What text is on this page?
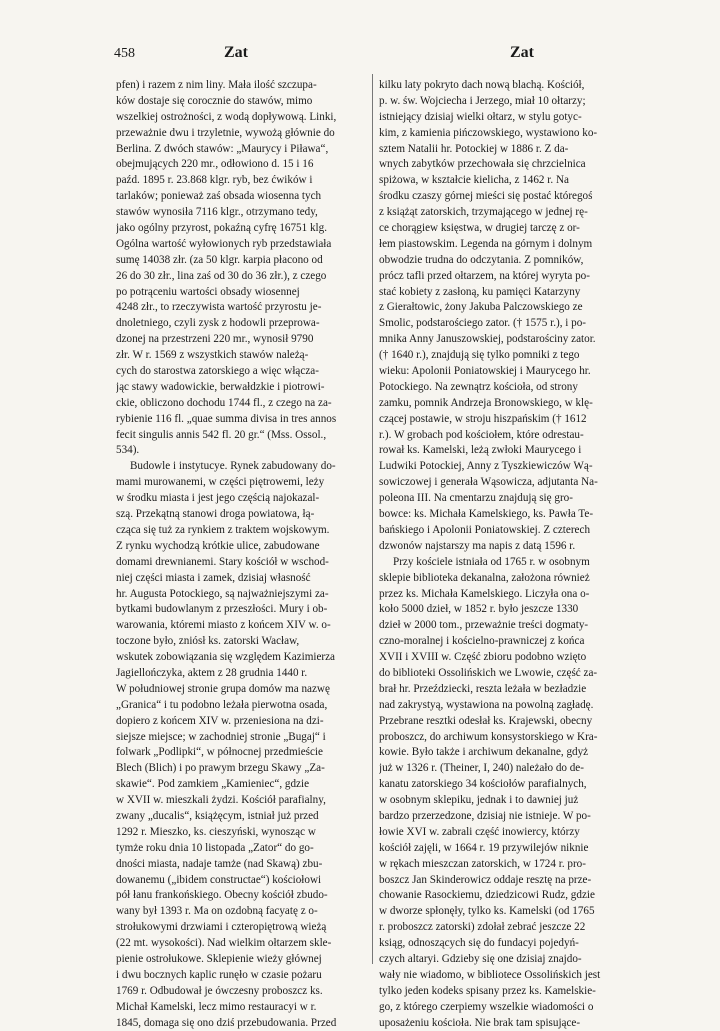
458	Zat	Zat
pfen) i razem z nim liny. Mała ilość szczupa-
ków dostaje się corocznie do stawów, mimo
wszelkiej ostrożności, z wodą dopływową. Linki,
przeważnie dwu i trzyletnie, wywożą głównie do
Berlina. Z dwóch stawów: „Maurycy i Piława“,
obejmujących 220 mr., odłowiono d. 15 i 16
paźd. 1895 r. 23.868 klgr. ryb, bez ćwików i
tarlaków; ponieważ zaś obsada wiosenna tych
stawów wynosiła 7116 klgr., otrzymano tedy,
jako ogólny przyrost, pokaźną cyfrę 16751 klg.
Ogólna wartość wyłowionych ryb przedstawiała
sumę 14038 złr. (za 50 klgr. karpia płacono od
26 do 30 złr., lina zaś od 30 do 36 złr.), z czego
po potrąceniu wartości obsady wiosennej
4248 złr., to rzeczywista wartość przyrostu je-
dnoletniego, czyli zysk z hodowli przeprowa-
dzonej na przestrzeni 220 mr., wynosił 9790
złr. W r. 1569 z wszystkich stawów należą-
cych do starostwa zatorskiego a więc włącza-
jąc stawy wadowickie, berwałdzkie i piotrowi-
ckie, obliczono dochodu 1744 fl., z czego na za-
rybienie 116 fl. „quae summa divisa in tres annos
fecit singulis annis 542 fl. 20 gr.“ (Mss. Ossol.,
534).
Budowle i instytucye. Rynek zabudowany do-
mami murowanemi, w części piętrowemi, leży
w środku miasta i jest jego częścią najokazal-
szą. Przekątną stanowi droga powiatowa, łą-
cząca się tuż za rynkiem z traktem wojskowym.
Z rynku wychodzą krótkie ulice, zabudowane
domami drewnianemi. Stary kościół w wschod-
niej części miasta i zamek, dzisiaj własność
hr. Augusta Potockiego, są najważniejszymi za-
bytkami budowlanym z przeszłości. Mury i ob-
warowania, któremi miasto z końcem XIV w. o-
toczone było, zniósł ks. zatorski Wacław,
wskutek zobowiązania się względem Kazimierza
Jagiellończyka, aktem z 28 grudnia 1440 r.
W południowej stronie grupa domów ma nazwę
„Granica“ i tu podobno leżała pierwotna osada,
dopiero z końcem XIV w. przeniesiona na dzi-
siejsze miejsce; w zachodniej stronie „Bugaj“ i
folwark „Podlipki“, w północnej przedmieście
Blech (Blich) i po prawym brzegu Skawy „Za-
skawie“. Pod zamkiem „Kamieniec“, gdzie
w XVII w. mieszkali żydzi. Kościół parafialny,
zwany „ducalis“, książęcym, istniał już przed
1292 r. Mieszko, ks. cieszyński, wynosząc w
tymże roku dnia 10 listopada „Zator“ do go-
dności miasta, nadaje tamże (nad Skawą) zbu-
dowanemu („ibidem constructae“) kościołowi
pół łanu frankońskiego. Obecny kościół zbudo-
wany był 1393 r. Ma on ozdobną facyatę z o-
strołukowymi drzwiami i czteropiętrową wieżą
(22 mt. wysokości). Nad wielkim ołtarzem skle-
pienie ostrołukowe. Sklepienie wieży głównej
i dwu bocznych kaplic runęło w czasie pożaru
1769 r. Odbudował je ówczesny proboszcz ks.
Michał Kamelski, lecz mimo restauracyi w r.
1845, domaga się ono dziś przebudowania. Przed
kilku laty pokryto dach nową blachą. Kościół,
p. w. św. Wojciecha i Jerzego, miał 10 ołtarzy;
istniejący dzisiaj wielki ołtarz, w stylu gotyc-
kim, z kamienia pińczowskiego, wystawiono ko-
sztem Natalii hr. Potockiej w 1886 r. Z da-
wnych zabytków przechowała się chrzcielnica
spiżowa, w kształcie kielicha, z 1462 r. Na
środku czaszy górnej mieści się postać któregoś
z książąt zatorskich, trzymającego w jednej rę-
ce chorągiew księstwa, w drugiej tarczę z or-
łem piastowskim. Legenda na górnym i dolnym
obwodzie trudna do odczytania. Z pomników,
prócz tafli przed ołtarzem, na której wyryta po-
stać kobiety z zasłoną, ku pamięci Katarzyny
z Gierałtowic, żony Jakuba Palczowskiego ze
Smolic, podstarościego zator. († 1575 r.), i po-
mnika Anny Januszowskiej, podstarościny zator.
(† 1640 r.), znajdują się tylko pomniki z tego
wieku: Apolonii Poniatowskiej i Maurycego hr.
Potockiego. Na zewnątrz kościoła, od strony
zamku, pomnik Andrzeja Bronowskiego, w klę-
czącej postawie, w stroju hiszpańskim († 1612
r.). W grobach pod kościołem, które odrestau-
rował ks. Kamelski, leżą zwłoki Maurycego i
Ludwiki Potockiej, Anny z Tyszkiewiczów Wą-
sowiczowej i generała Wąsowicza, adjutanta Na-
poleona III. Na cmentarzu znajdują się gro-
bowce: ks. Michała Kamelskiego, ks. Pawła Te-
bańskiego i Apolonii Poniatowskiej. Z czterech
dzwonów najstarszy ma napis z datą 1596 r.
Przy kościele istniała od 1765 r. w osobnym
sklepie biblioteka dekanalna, założona również
przez ks. Michała Kamelskiego. Liczyła ona o-
koło 5000 dzieł, w 1852 r. było jeszcze 1330
dzieł w 2000 tom., przeważnie treści dogmaty-
czno-moralnej i kościelno-prawniczej z końca
XVII i XVIII w. Część zbioru podobno wzięto
do biblioteki Ossolińskich we Lwowie, część za-
brał hr. Przeździecki, reszta leżała w bezładzie
nad zakrystyą, wystawiona na powolną zagładę.
Przebrane resztki odesłał ks. Krajewski, obecny
proboszcz, do archiwum konsystorskiego w Kra-
kowie. Było także i archiwum dekanalne, gdyż
już w 1326 r. (Theiner, I, 240) należało do de-
kanatu zatorskiego 34 kościołów parafialnych,
w osobnym sklepiku, jednak i to dawniej już
bardzo przerzedzone, dzisiaj nie istnieje. W po-
łowie XVI w. zabrali część inowiercy, którzy
kościół zajęli, w 1664 r. 19 przywilejów niknie
w rękach mieszczan zatorskich, w 1724 r. pro-
boszcz Jan Skinderowicz oddaje resztę na prze-
chowanie Rasockiemu, dziedzicowi Rudz, gdzie
w dworze spłonęły, tylko ks. Kamelski (od 1765
r. proboszcz zatorski) zdołał zebrać jeszcze 22
ksiąg, odnoszących się do fundacyi pojedyń-
czych altaryi. Gdzieby się one dzisiaj znajdo-
wały nie wiadomo, w bibliotece Ossolińskich jest
tylko jeden kodeks spisany przez ks. Kamelskie-
go, z którego czerpiemy wszelkie wiadomości o
uposażeniu kościoła. Nie brak tam spisujące-
